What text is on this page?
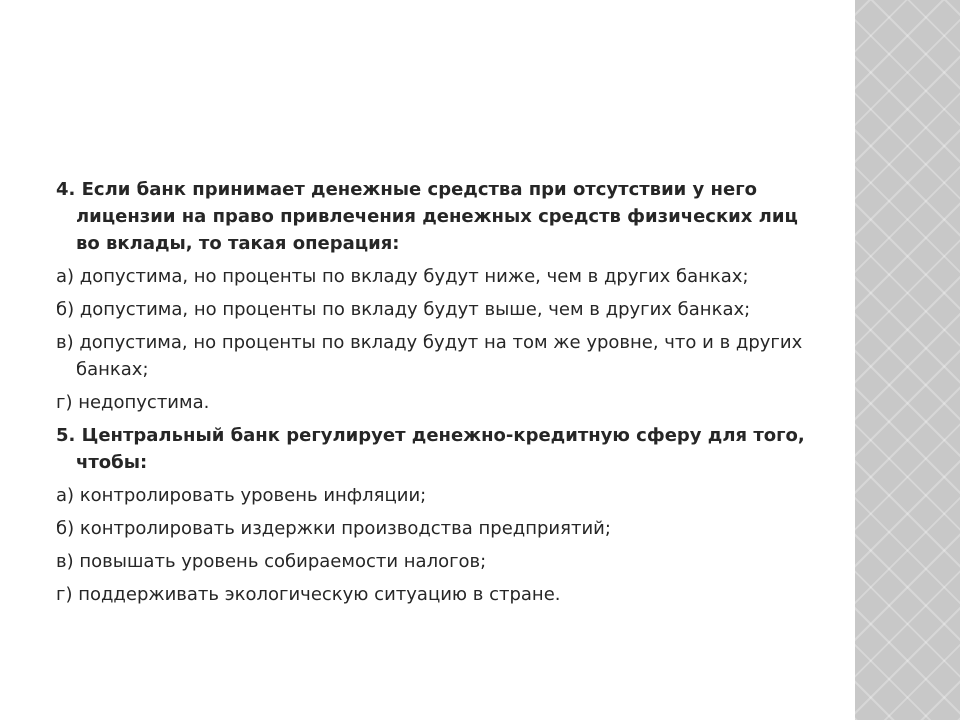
4. Если банк принимает денежные средства при отсутствии у него лицензии на право привлечения денежных средств физических лиц во вклады, то такая операция:

а) допустима, но проценты по вкладу будут ниже, чем в других банках;

б) допустима, но проценты по вкладу будут выше, чем в других банках;

в) допустима, но проценты по вкладу будут на том же уровне, что и в других банках;

г) недопустима.

5. Центральный банк регулирует денежно-кредитную сферу для того, чтобы:

а) контролировать уровень инфляции;

б) контролировать издержки производства предприятий;

в) повышать уровень собираемости налогов;

г) поддерживать экологическую ситуацию в стране.
